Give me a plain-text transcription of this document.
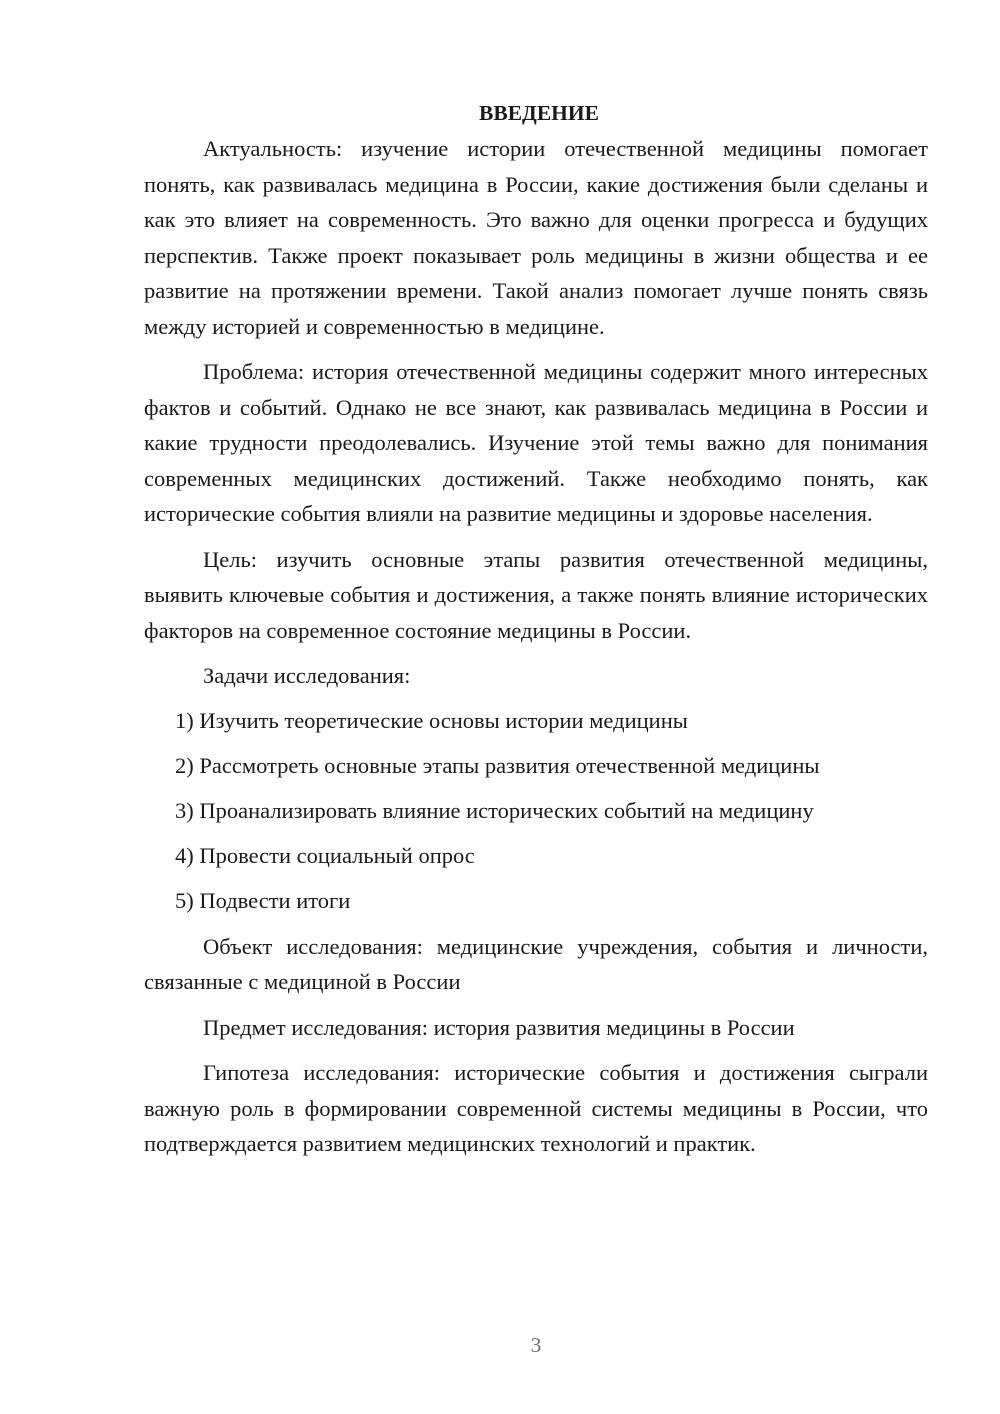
ВВЕДЕНИЕ

Актуальность: изучение истории отечественной медицины помогает понять, как развивалась медицина в России, какие достижения были сделаны и как это влияет на современность. Это важно для оценки прогресса и будущих перспектив. Также проект показывает роль медицины в жизни общества и ее развитие на протяжении времени. Такой анализ помогает лучше понять связь между историей и современностью в медицине.

Проблема: история отечественной медицины содержит много интересных фактов и событий. Однако не все знают, как развивалась медицина в России и какие трудности преодолевались. Изучение этой темы важно для понимания современных медицинских достижений. Также необходимо понять, как исторические события влияли на развитие медицины и здоровье населения.

Цель: изучить основные этапы развития отечественной медицины, выявить ключевые события и достижения, а также понять влияние исторических факторов на современное состояние медицины в России.

Задачи исследования:

1) Изучить теоретические основы истории медицины
2) Рассмотреть основные этапы развития отечественной медицины
3) Проанализировать влияние исторических событий на медицину
4) Провести социальный опрос
5) Подвести итоги

Объект исследования: медицинские учреждения, события и личности, связанные с медициной в России

Предмет исследования: история развития медицины в России

Гипотеза исследования: исторические события и достижения сыграли важную роль в формировании современной системы медицины в России, что подтверждается развитием медицинских технологий и практик.

3
